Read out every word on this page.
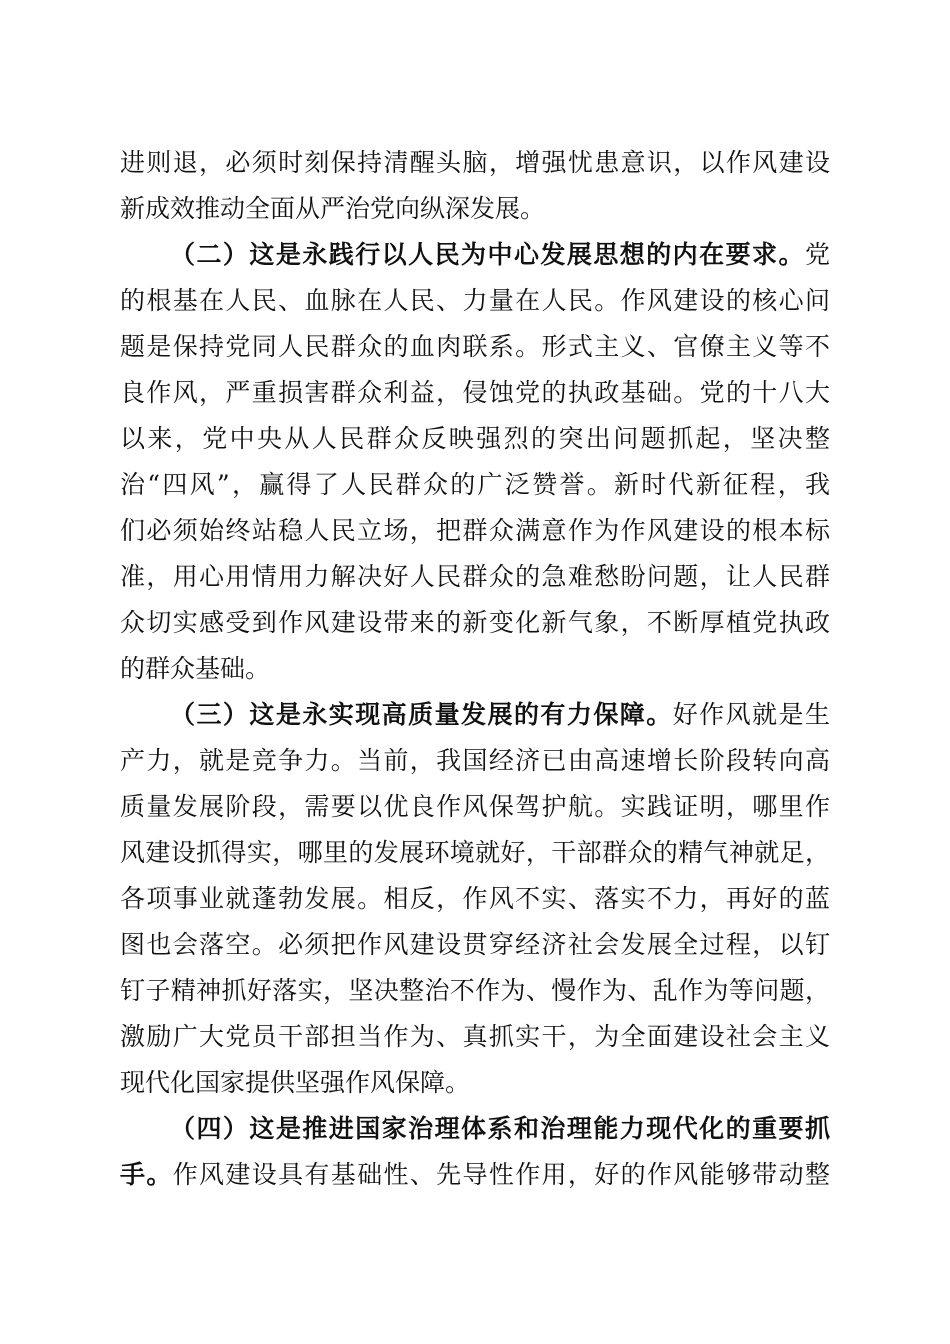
进则退，必须时刻保持清醒头脑，增强忧患意识，以作风建设
新成效推动全面从严治党向纵深发展。
（二）这是永践行以人民为中心发展思想的内在要求。党
的根基在人民、血脉在人民、力量在人民。作风建设的核心问
题是保持党同人民群众的血肉联系。形式主义、官僚主义等不
良作风，严重损害群众利益，侵蚀党的执政基础。党的十八大
以来，党中央从人民群众反映强烈的突出问题抓起，坚决整
治“四风”，赢得了人民群众的广泛赞誉。新时代新征程，我
们必须始终站稳人民立场，把群众满意作为作风建设的根本标
准，用心用情用力解决好人民群众的急难愁盼问题，让人民群
众切实感受到作风建设带来的新变化新气象，不断厚植党执政
的群众基础。
（三）这是永实现高质量发展的有力保障。好作风就是生
产力，就是竞争力。当前，我国经济已由高速增长阶段转向高
质量发展阶段，需要以优良作风保驾护航。实践证明，哪里作
风建设抓得实，哪里的发展环境就好，干部群众的精气神就足，
各项事业就蓬勃发展。相反，作风不实、落实不力，再好的蓝
图也会落空。必须把作风建设贯穿经济社会发展全过程，以钉
钉子精神抓好落实，坚决整治不作为、慢作为、乱作为等问题，
激励广大党员干部担当作为、真抓实干，为全面建设社会主义
现代化国家提供坚强作风保障。
（四）这是推进国家治理体系和治理能力现代化的重要抓
手。作风建设具有基础性、先导性作用，好的作风能够带动整
